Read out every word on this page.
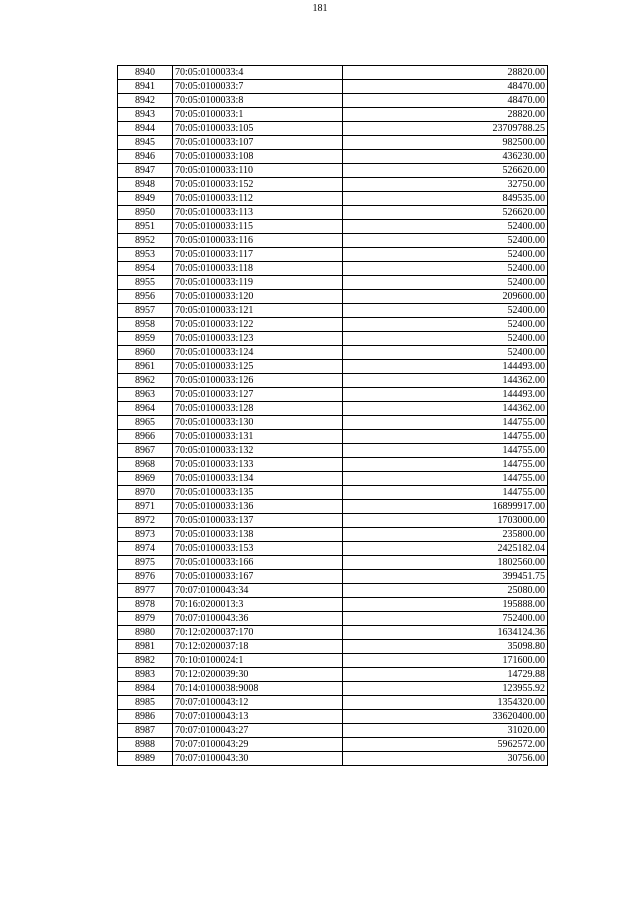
181
8940	70:05:0100033:4	28820.00
8941	70:05:0100033:7	48470.00
8942	70:05:0100033:8	48470.00
8943	70:05:0100033:1	28820.00
8944	70:05:0100033:105	23709788.25
8945	70:05:0100033:107	982500.00
8946	70:05:0100033:108	436230.00
8947	70:05:0100033:110	526620.00
8948	70:05:0100033:152	32750.00
8949	70:05:0100033:112	849535.00
8950	70:05:0100033:113	526620.00
8951	70:05:0100033:115	52400.00
8952	70:05:0100033:116	52400.00
8953	70:05:0100033:117	52400.00
8954	70:05:0100033:118	52400.00
8955	70:05:0100033:119	52400.00
8956	70:05:0100033:120	209600.00
8957	70:05:0100033:121	52400.00
8958	70:05:0100033:122	52400.00
8959	70:05:0100033:123	52400.00
8960	70:05:0100033:124	52400.00
8961	70:05:0100033:125	144493.00
8962	70:05:0100033:126	144362.00
8963	70:05:0100033:127	144493.00
8964	70:05:0100033:128	144362.00
8965	70:05:0100033:130	144755.00
8966	70:05:0100033:131	144755.00
8967	70:05:0100033:132	144755.00
8968	70:05:0100033:133	144755.00
8969	70:05:0100033:134	144755.00
8970	70:05:0100033:135	144755.00
8971	70:05:0100033:136	16899917.00
8972	70:05:0100033:137	1703000.00
8973	70:05:0100033:138	235800.00
8974	70:05:0100033:153	2425182.04
8975	70:05:0100033:166	1802560.00
8976	70:05:0100033:167	399451.75
8977	70:07:0100043:34	25080.00
8978	70:16:0200013:3	195888.00
8979	70:07:0100043:36	752400.00
8980	70:12:0200037:170	1634124.36
8981	70:12:0200037:18	35098.80
8982	70:10:0100024:1	171600.00
8983	70:12:0200039:30	14729.88
8984	70:14:0100038:9008	123955.92
8985	70:07:0100043:12	1354320.00
8986	70:07:0100043:13	33620400.00
8987	70:07:0100043:27	31020.00
8988	70:07:0100043:29	5962572.00
8989	70:07:0100043:30	30756.00
